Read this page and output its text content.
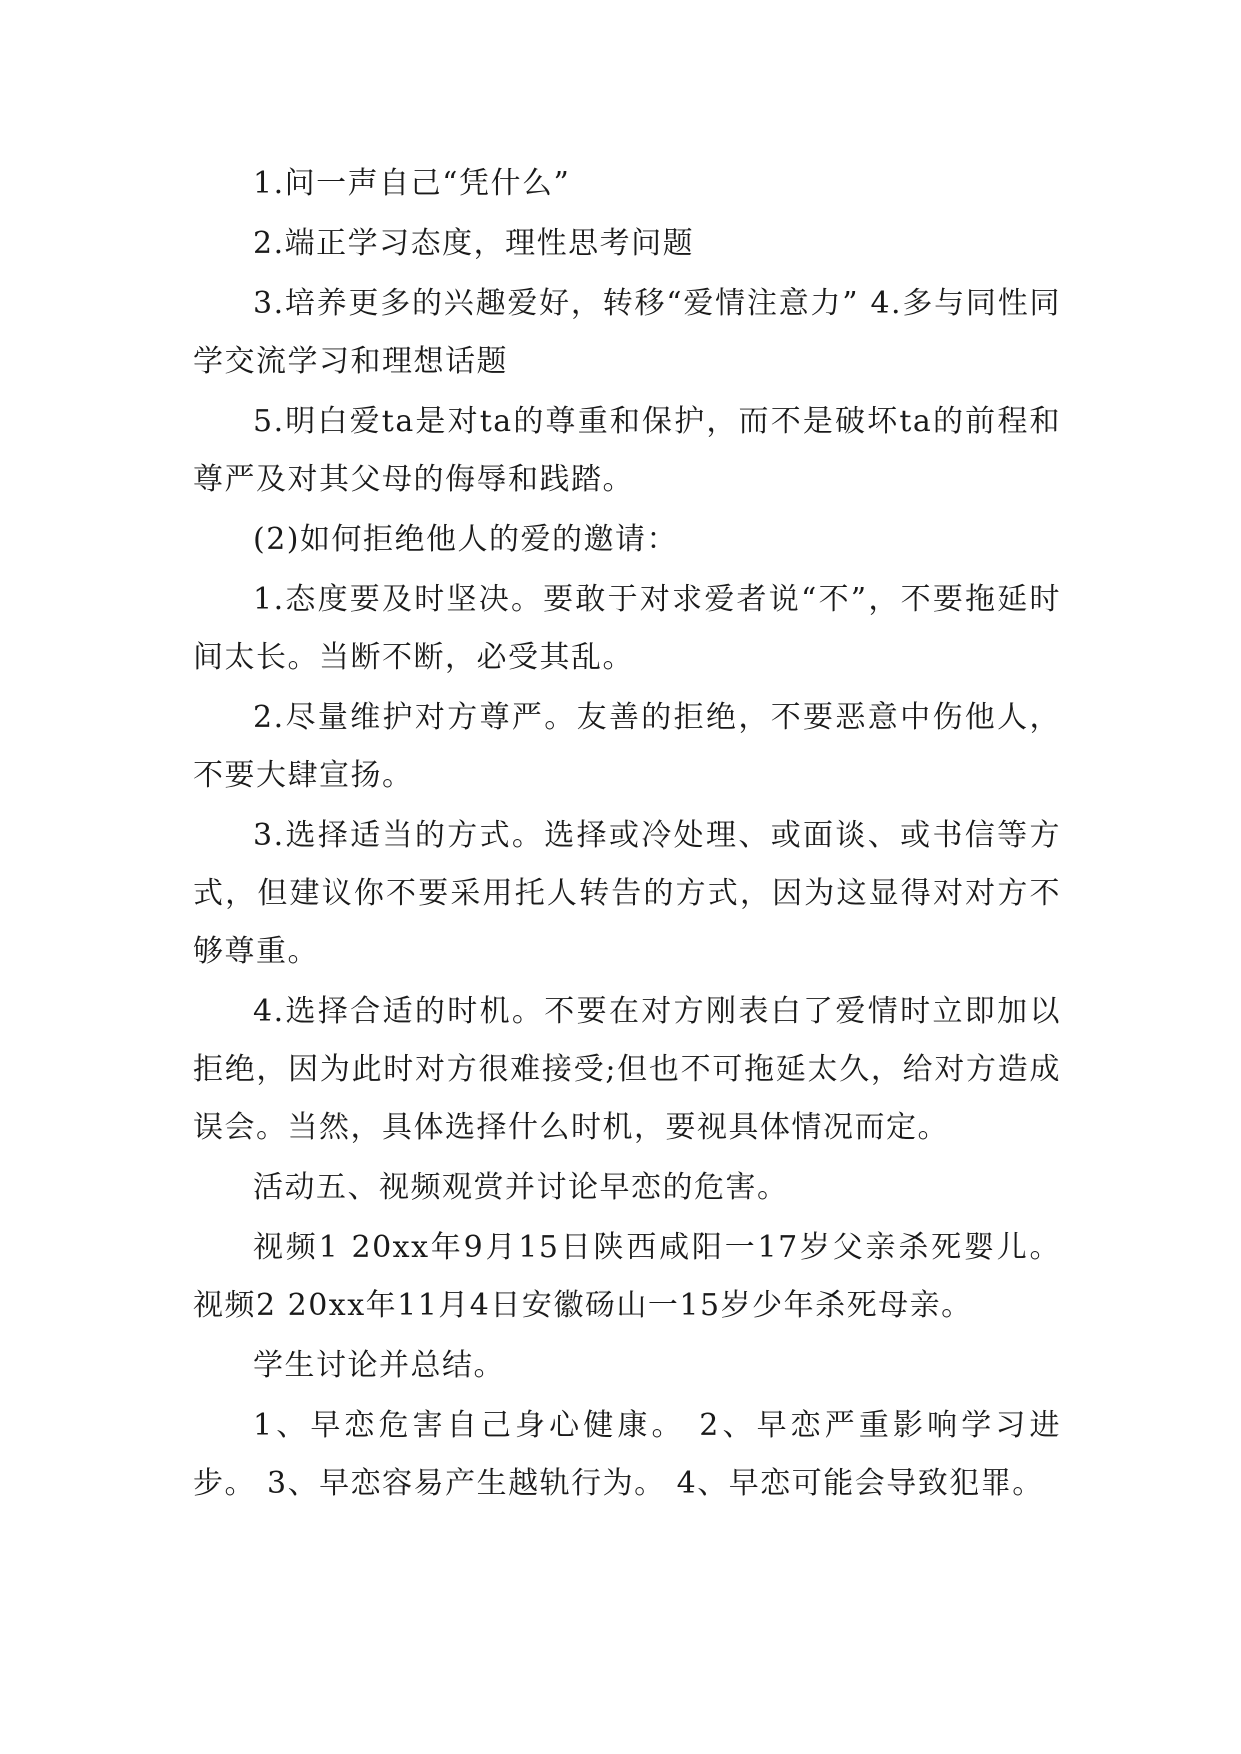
1.问一声自己“凭什么”

2.端正学习态度，理性思考问题

3.培养更多的兴趣爱好，转移“爱情注意力” 4.多与同性同学交流学习和理想话题

5.明白爱ta是对ta的尊重和保护，而不是破坏ta的前程和尊严及对其父母的侮辱和践踏。

(2)如何拒绝他人的爱的邀请：

1.态度要及时坚决。要敢于对求爱者说“不”，不要拖延时间太长。当断不断，必受其乱。

2.尽量维护对方尊严。友善的拒绝，不要恶意中伤他人，不要大肆宣扬。

3.选择适当的方式。选择或冷处理、或面谈、或书信等方式，但建议你不要采用托人转告的方式，因为这显得对对方不够尊重。

4.选择合适的时机。不要在对方刚表白了爱情时立即加以拒绝，因为此时对方很难接受;但也不可拖延太久，给对方造成误会。当然，具体选择什么时机，要视具体情况而定。

活动五、视频观赏并讨论早恋的危害。

视频1 20xx年9月15日陕西咸阳一17岁父亲杀死婴儿。视频2 20xx年11月4日安徽砀山一15岁少年杀死母亲。

学生讨论并总结。

1、早恋危害自己身心健康。 2、早恋严重影响学习进步。 3、早恋容易产生越轨行为。 4、早恋可能会导致犯罪。
